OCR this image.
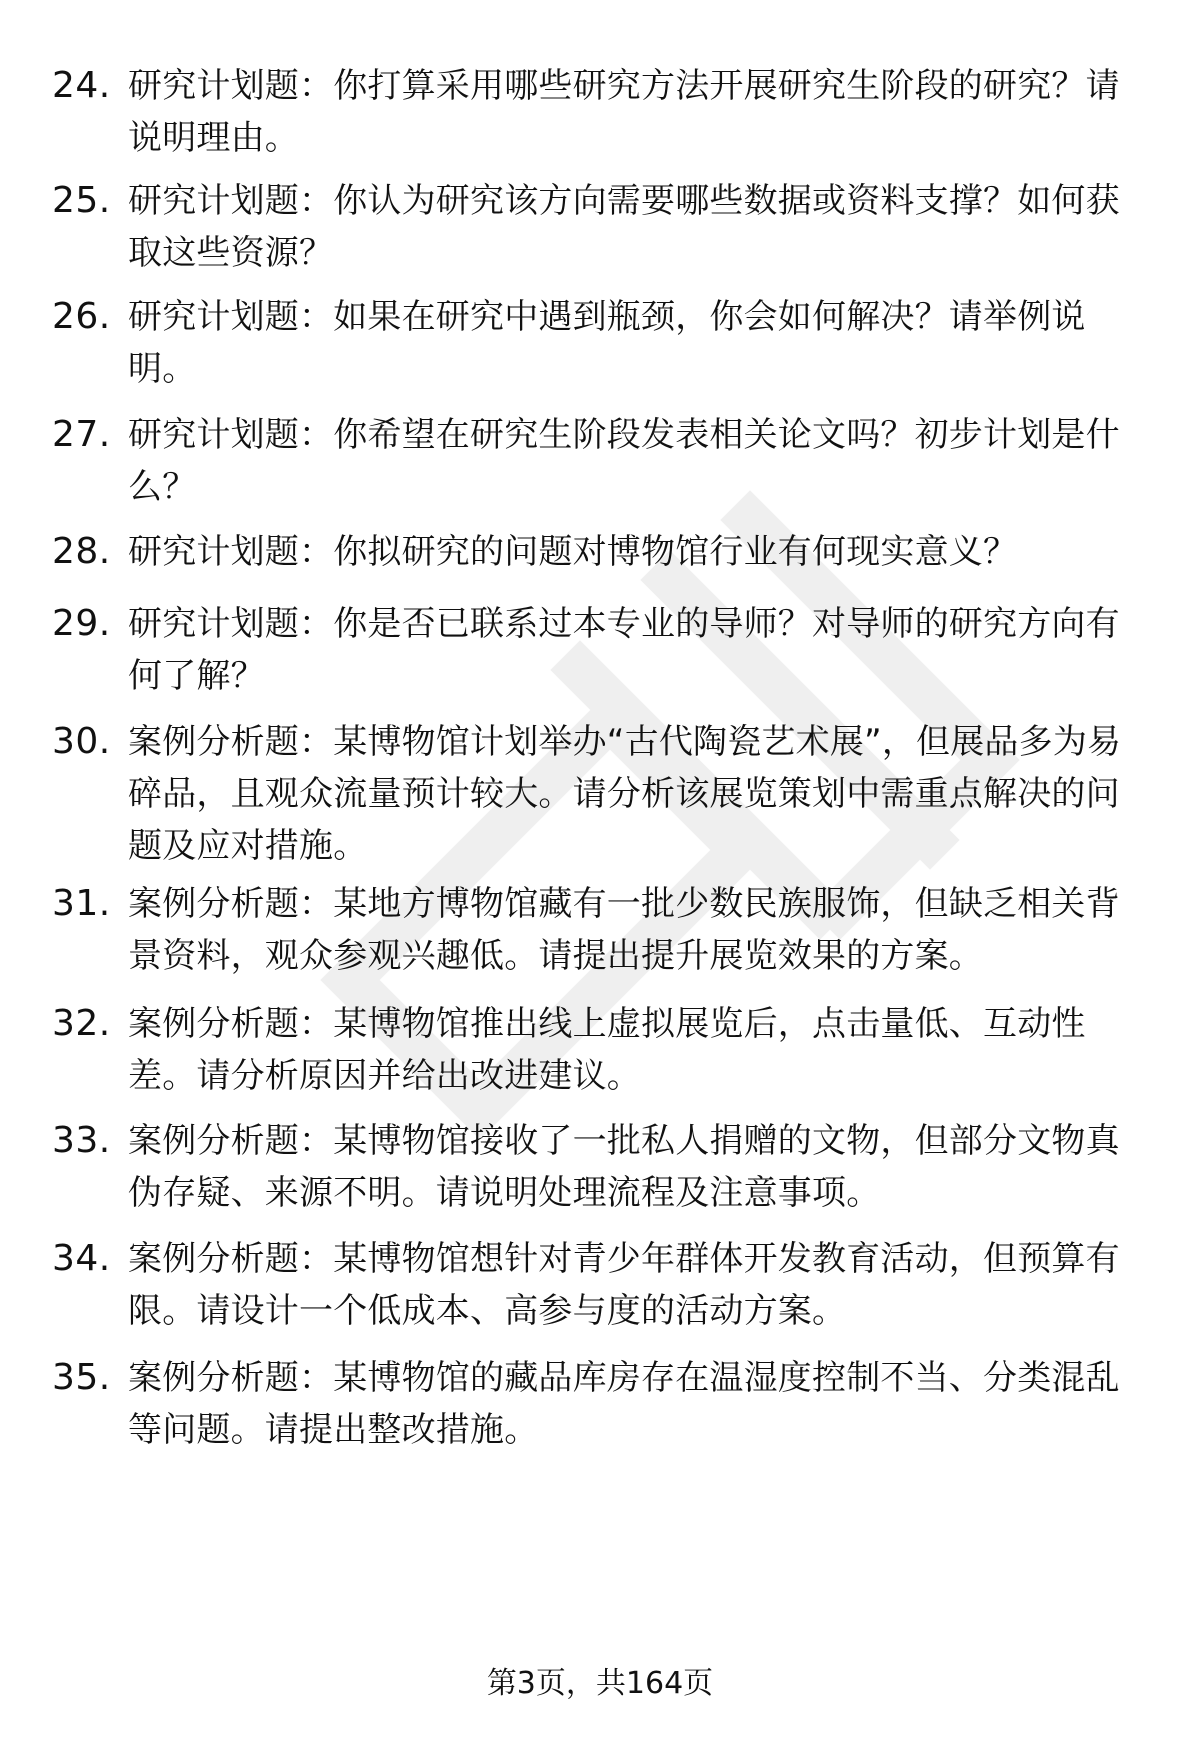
24. 研究计划题：你打算采用哪些研究方法开展研究生阶段的研究？请说明理由。
25. 研究计划题：你认为研究该方向需要哪些数据或资料支撑？如何获取这些资源？
26. 研究计划题：如果在研究中遇到瓶颈，你会如何解决？请举例说明。
27. 研究计划题：你希望在研究生阶段发表相关论文吗？初步计划是什么？
28. 研究计划题：你拟研究的问题对博物馆行业有何现实意义？
29. 研究计划题：你是否已联系过本专业的导师？对导师的研究方向有何了解？
30. 案例分析题：某博物馆计划举办“古代陶瓷艺术展”，但展品多为易碎品，且观众流量预计较大。请分析该展览策划中需重点解决的问题及应对措施。
31. 案例分析题：某地方博物馆藏有一批少数民族服饰，但缺乏相关背景资料，观众参观兴趣低。请提出提升展览效果的方案。
32. 案例分析题：某博物馆推出线上虚拟展览后，点击量低、互动性差。请分析原因并给出改进建议。
33. 案例分析题：某博物馆接收了一批私人捐赠的文物，但部分文物真伪存疑、来源不明。请说明处理流程及注意事项。
34. 案例分析题：某博物馆想针对青少年群体开发教育活动，但预算有限。请设计一个低成本、高参与度的活动方案。
35. 案例分析题：某博物馆的藏品库房存在温湿度控制不当、分类混乱等问题。请提出整改措施。
第3页，共164页
